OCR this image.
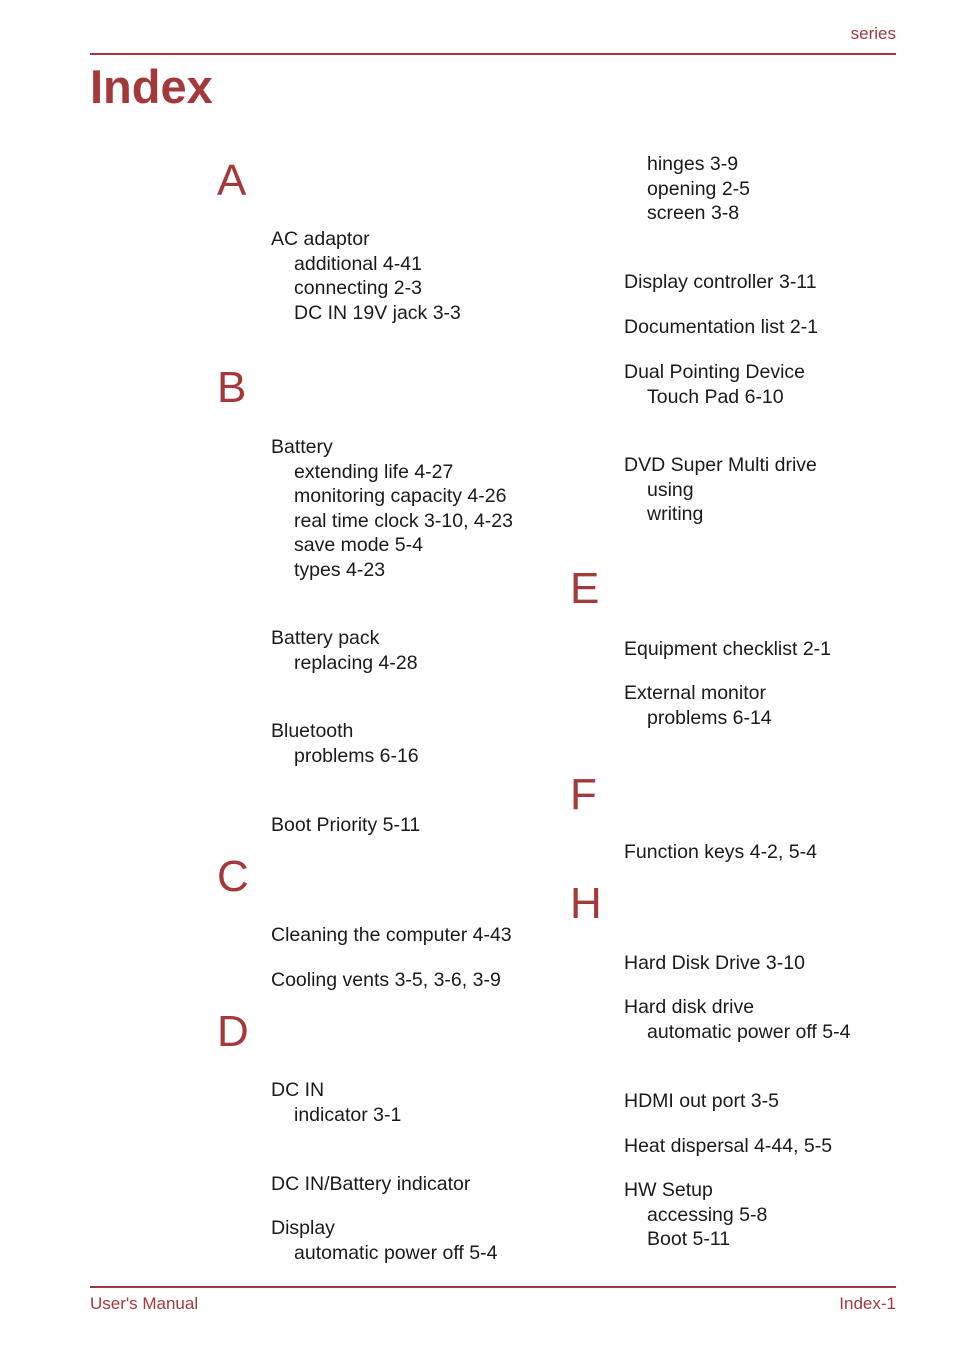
series
Index
A
AC adaptor
additional 4-41
connecting 2-3
DC IN 19V jack 3-3
B
Battery
extending life 4-27
monitoring capacity 4-26
real time clock 3-10, 4-23
save mode 5-4
types 4-23
Battery pack
replacing 4-28
Bluetooth
problems 6-16
Boot Priority 5-11
C
Cleaning the computer 4-43
Cooling vents 3-5, 3-6, 3-9
D
DC IN
indicator 3-1
DC IN/Battery indicator
Display
automatic power off 5-4
hinges 3-9
opening 2-5
screen 3-8
Display controller 3-11
Documentation list 2-1
Dual Pointing Device
Touch Pad 6-10
DVD Super Multi drive
using
writing
E
Equipment checklist 2-1
External monitor
problems 6-14
F
Function keys 4-2, 5-4
H
Hard Disk Drive 3-10
Hard disk drive
automatic power off 5-4
HDMI out port 3-5
Heat dispersal 4-44, 5-5
HW Setup
accessing 5-8
Boot 5-11
User's Manual	Index-1
